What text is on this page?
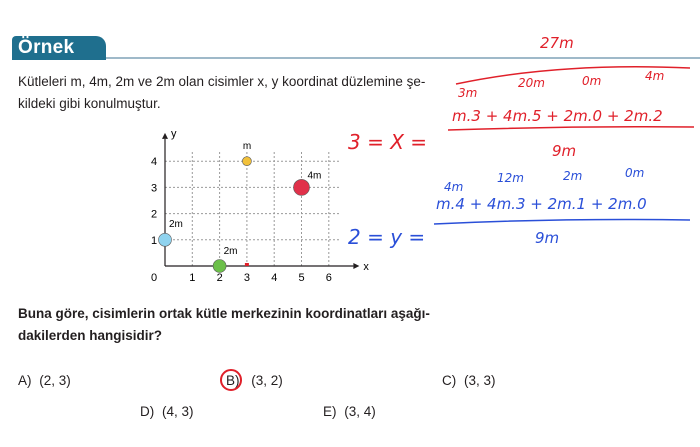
Örnek
Kütleleri m, 4m, 2m ve 2m olan cisimler x, y koordinat düzlemine şe-
kildeki gibi konulmuştur.
x
y
0	1 2 3 4 5 6
1
2
3
4
m
4m
2m
2m
Buna göre, cisimlerin ortak kütle merkezinin koordinatları aşağı-
dakilerden hangisidir?
A) (2, 3)	B) (3, 2)	C) (3, 3)
D) (4, 3)	E) (3, 4)
27m
3m
20m	0m	4m
m.3 + 4m.5 + 2m.0 + 2m.2
9m
3 = X =
4m
12m	2m	0m
m.4 + 4m.3 + 2m.1 + 2m.0
9m
2 = y =
